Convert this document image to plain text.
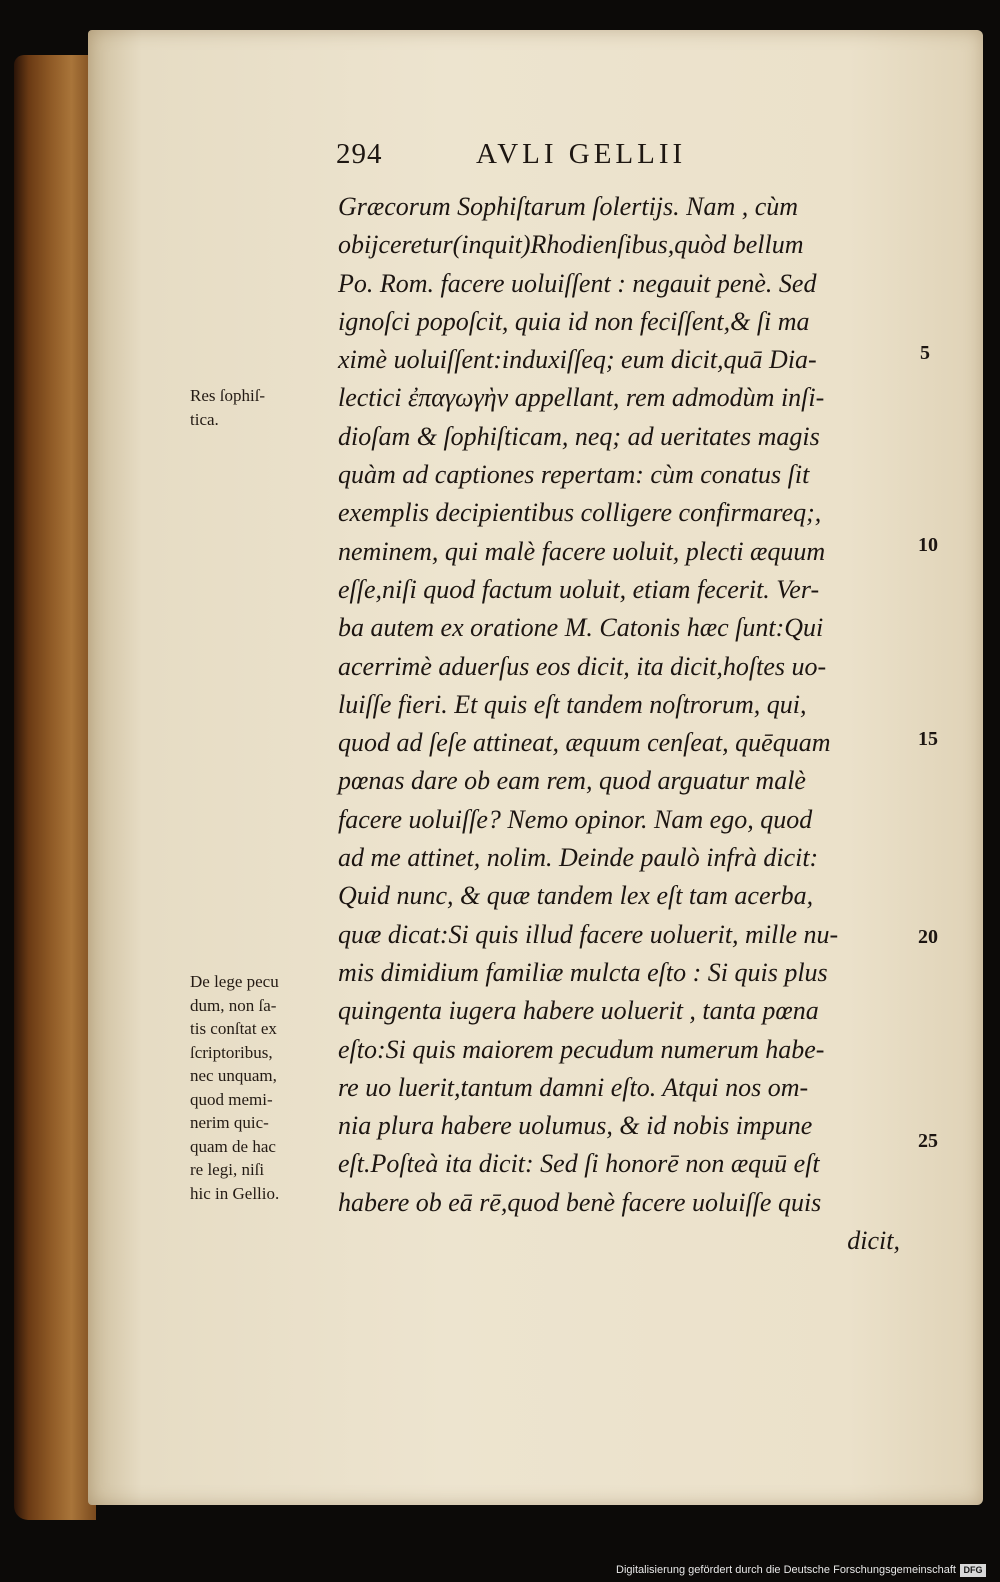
294	AVLI GELLII
Græcorum Sophiſtarum ſolertijs. Nam , cùm
obijceretur(inquit)Rhodienſibus,quòd bellum
Po. Rom. facere uoluiſſent : negauit penè. Sed
ignoſci popoſcit, quia id non feciſſent,& ſi ma
ximè uoluiſſent:induxiſſeq; eum dicit,quā Dia-
lectici ἐπαγωγὴν appellant, rem admodùm inſi-
dioſam & ſophiſticam, neq; ad ueritates magis
quàm ad captiones repertam: cùm conatus ſit
exemplis decipientibus colligere confirmareq;,
neminem, qui malè facere uoluit, plecti æquum
eſſe,niſi quod factum uoluit, etiam fecerit. Ver-
ba autem ex oratione M. Catonis hæc ſunt:Qui
acerrimè aduerſus eos dicit, ita dicit,hoſtes uo-
luiſſe fieri. Et quis eſt tandem noſtrorum, qui,
quod ad ſeſe attineat, æquum cenſeat, quēquam
pœnas dare ob eam rem, quod arguatur malè
facere uoluiſſe? Nemo opinor. Nam ego, quod
ad me attinet, nolim. Deinde paulò infrà dicit:
Quid nunc, & quæ tandem lex eſt tam acerba,
quæ dicat:Si quis illud facere uoluerit, mille nu-
mis dimidium familiæ mulcta eſto : Si quis plus
quingenta iugera habere uoluerit , tanta pœna
eſto:Si quis maiorem pecudum numerum habe-
re uo luerit,tantum damni eſto. Atqui nos om-
nia plura habere uolumus, & id nobis impune
eſt.Poſteà ita dicit: Sed ſi honorē non æquū eſt
habere ob eā rē,quod benè facere uoluiſſe quis
dicit,
Res ſophiſ-
tica.
De lege pecu
dum, non ſa-
tis conſtat ex
ſcriptoribus,
nec unquam,
quod memi-
nerim quic-
quam de hac
re legi, niſi
hic in Gellio.
5
10
15
20
25
Digitalisierung gefördert durch die Deutsche Forschungsgemeinschaft DFG
